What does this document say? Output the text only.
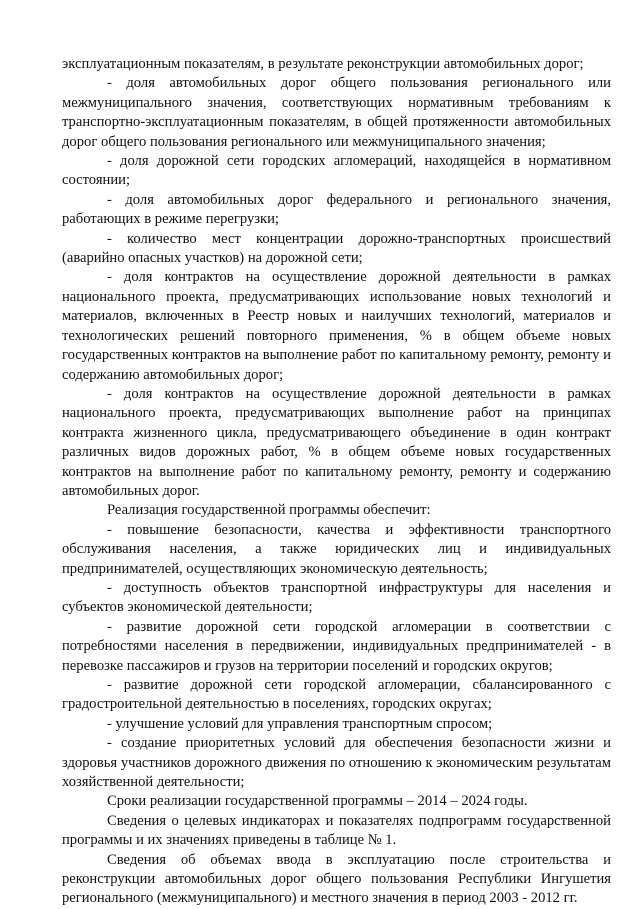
эксплуатационным показателям, в результате реконструкции автомобильных дорог;

- доля автомобильных дорог общего пользования регионального или межмуниципального значения, соответствующих нормативным требованиям к транспортно-эксплуатационным показателям, в общей протяженности автомобильных дорог общего пользования регионального или межмуниципального значения;

- доля дорожной сети городских агломераций, находящейся в нормативном состоянии;

- доля автомобильных дорог федерального и регионального значения, работающих в режиме перегрузки;

- количество мест концентрации дорожно-транспортных происшествий (аварийно опасных участков) на дорожной сети;

- доля контрактов на осуществление дорожной деятельности в рамках национального проекта, предусматривающих использование новых технологий и материалов, включенных в Реестр новых и наилучших технологий, материалов и технологических решений повторного применения, % в общем объеме новых государственных контрактов на выполнение работ по капитальному ремонту, ремонту и содержанию автомобильных дорог;

- доля контрактов на осуществление дорожной деятельности в рамках национального проекта, предусматривающих выполнение работ на принципах контракта жизненного цикла, предусматривающего объединение в один контракт различных видов дорожных работ, % в общем объеме новых государственных контрактов на выполнение работ по капитальному ремонту, ремонту и содержанию автомобильных дорог.

Реализация государственной программы обеспечит:

- повышение безопасности, качества и эффективности транспортного обслуживания населения, а также юридических лиц и индивидуальных предпринимателей, осуществляющих экономическую деятельность;

- доступность объектов транспортной инфраструктуры для населения и субъектов экономической деятельности;

- развитие дорожной сети городской агломерации в соответствии с потребностями населения в передвижении, индивидуальных предпринимателей - в перевозке пассажиров и грузов на территории поселений и городских округов;

- развитие дорожной сети городской агломерации, сбалансированного с градостроительной деятельностью в поселениях, городских округах;

- улучшение условий для управления транспортным спросом;

- создание приоритетных условий для обеспечения безопасности жизни и здоровья участников дорожного движения по отношению к экономическим результатам хозяйственной деятельности;

Сроки реализации государственной программы – 2014 – 2024 годы.

Сведения о целевых индикаторах и показателях подпрограмм государственной программы и их значениях приведены в таблице № 1.

Сведения об объемах ввода в эксплуатацию после строительства и реконструкции автомобильных дорог общего пользования Республики Ингушетия регионального (межмуниципального) и местного значения в период 2003 - 2012 гг.
